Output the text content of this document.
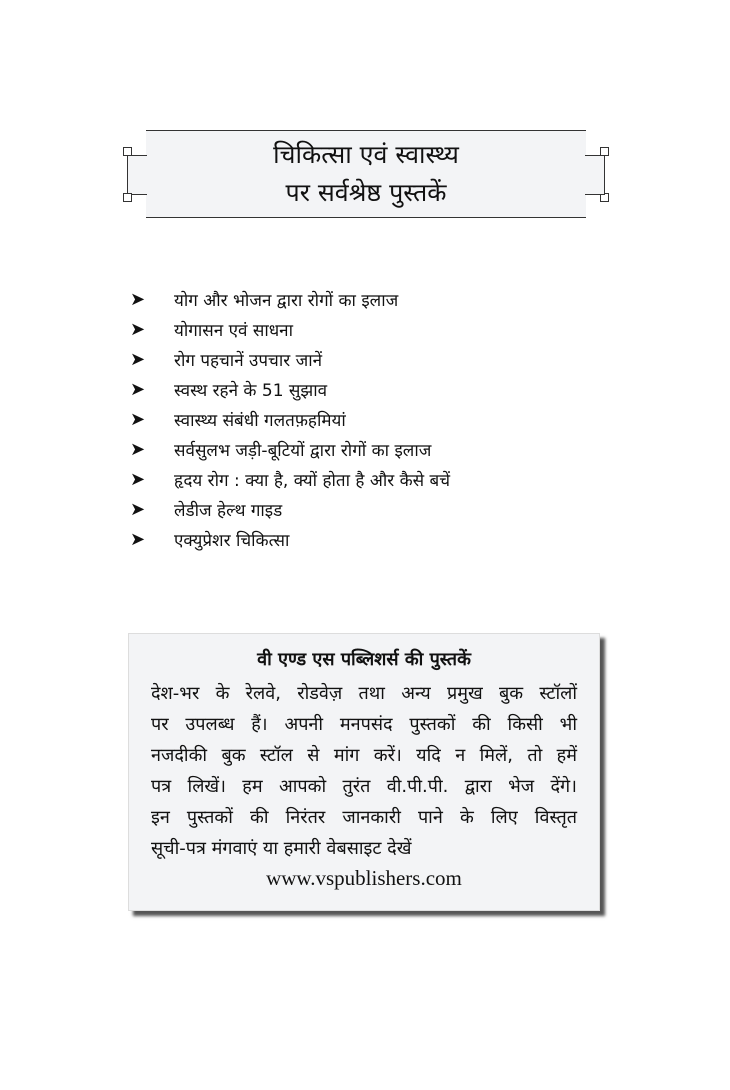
चिकित्सा एवं स्वास्थ्य
पर सर्वश्रेष्ठ पुस्तकें
➤	योग और भोजन द्वारा रोगों का इलाज
➤	योगासन एवं साधना
➤	रोग पहचानें उपचार जानें
➤	स्वस्थ रहने के 51 सुझाव
➤	स्वास्थ्य संबंधी गलतफ़हमियां
➤	सर्वसुलभ जड़ी-बूटियों द्वारा रोगों का इलाज
➤	हृदय रोग : क्या है, क्यों होता है और कैसे बचें
➤	लेडीज हेल्थ गाइड
➤	एक्युप्रेशर चिकित्सा
वी एण्ड एस पब्लिशर्स की पुस्तकें
देश-भर के रेलवे, रोडवेज़ तथा अन्य प्रमुख बुक स्टॉलों
पर उपलब्ध हैं। अपनी मनपसंद पुस्तकों की किसी भी
नजदीकी बुक स्टॉल से मांग करें। यदि न मिलें, तो हमें
पत्र लिखें। हम आपको तुरंत वी.पी.पी. द्वारा भेज देंगे।
इन पुस्तकों की निरंतर जानकारी पाने के लिए विस्तृत
सूची-पत्र मंगवाएं या हमारी वेबसाइट देखें
www.vspublishers.com
